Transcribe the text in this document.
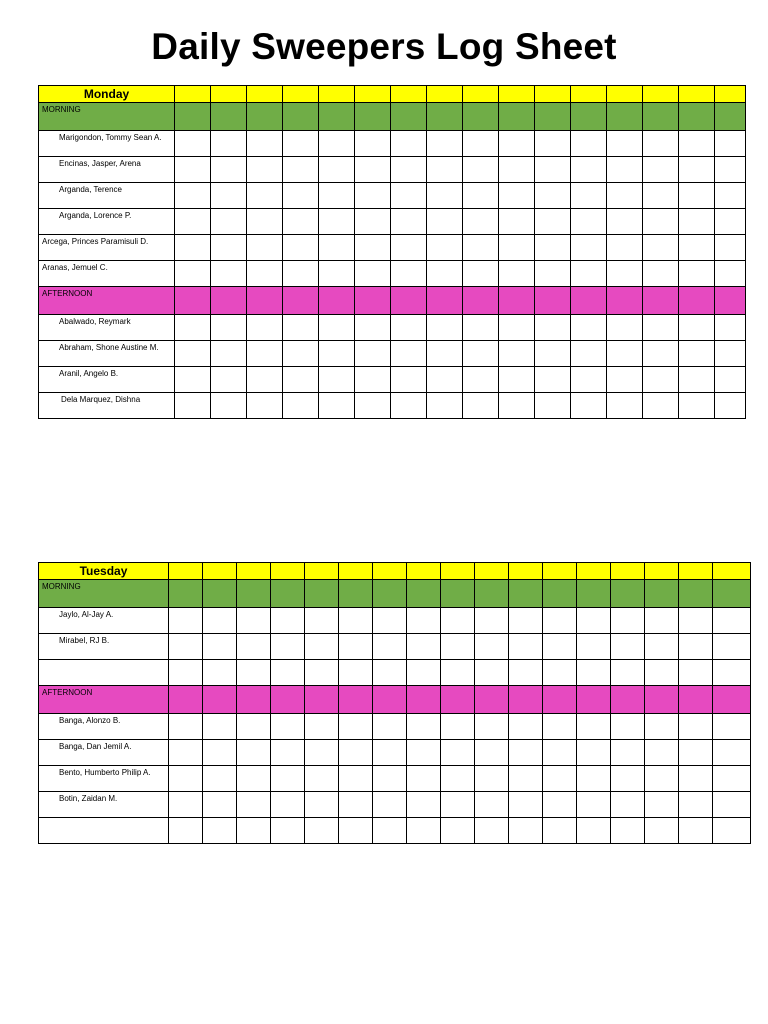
Daily Sweepers Log Sheet
Monday																
MORNING																
Marigondon, Tommy Sean A.																
Encinas, Jasper, Arena																
Arganda, Terence																
Arganda, Lorence P.																
Arcega, Princes Paramisuli D.																
Aranas, Jemuel C.																
AFTERNOON																
Abalwado, Reymark																
Abraham, Shone Austine M.																
Aranil, Angelo B.																
Dela Marquez, Dishna																
Tuesday																	
MORNING																	
Jaylo, Al-Jay A.																	
Mirabel, RJ B.																	

AFTERNOON																	
Banga, Alonzo B.																	
Banga, Dan Jemil A.																	
Bento, Humberto Philip A.																	
Botin, Zaidan M.																	
